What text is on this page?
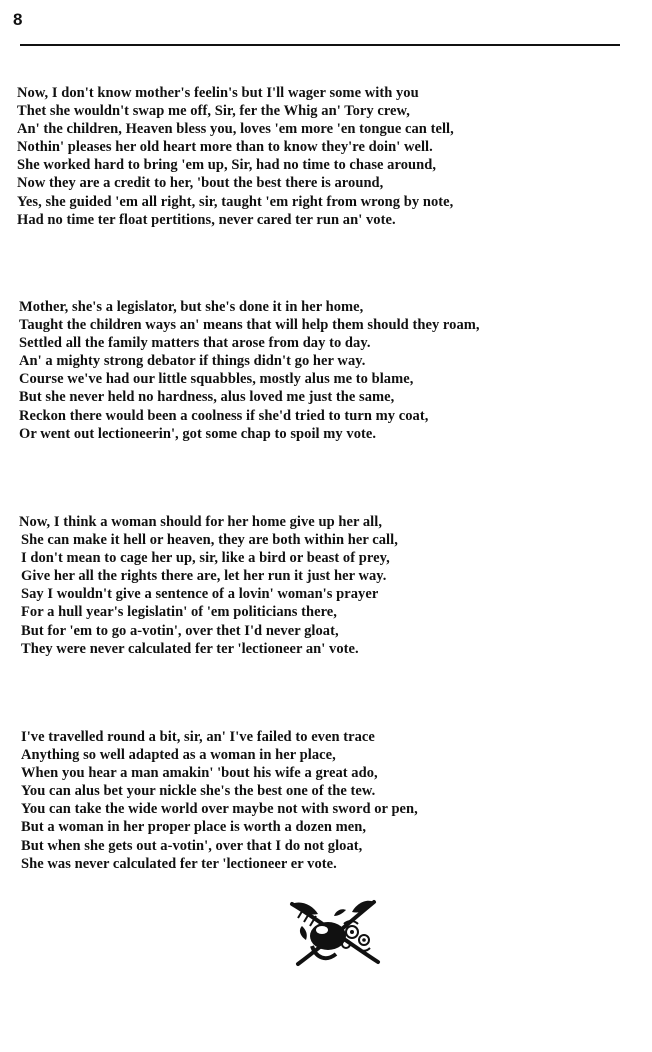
8
Now, I don't know mother's feelin's but I'll wager some with you
Thet she wouldn't swap me off, Sir, fer the Whig an' Tory crew,
An' the children, Heaven bless you, loves 'em more 'en tongue can tell,
Nothin' pleases her old heart more than to know they're doin' well.
She worked hard to bring 'em up, Sir, had no time to chase around,
Now they are a credit to her, 'bout the best there is around,
Yes, she guided 'em all right, sir, taught 'em right from wrong by note,
Had no time ter float pertitions, never cared ter run an' vote.
Mother, she's a legislator, but she's done it in her home,
Taught the children ways an' means that will help them should they roam,
Settled all the family matters that arose from day to day.
An' a mighty strong debator if things didn't go her way.
Course we've had our little squabbles, mostly alus me to blame,
But she never held no hardness, alus loved me just the same,
Reckon there would been a coolness if she'd tried to turn my coat,
Or went out lectioneerin', got some chap to spoil my vote.
Now, I think a woman should for her home give up her all,
She can make it hell or heaven, they are both within her call,
I don't mean to cage her up, sir, like a bird or beast of prey,
Give her all the rights there are, let her run it just her way.
Say I wouldn't give a sentence of a lovin' woman's prayer
For a hull year's legislatin' of 'em politicians there,
But for 'em to go a-votin', over thet I'd never gloat,
They were never calculated fer ter 'lectioneer an' vote.
I've travelled round a bit, sir, an' I've failed to even trace
Anything so well adapted as a woman in her place,
When you hear a man amakin' 'bout his wife a great ado,
You can alus bet your nickle she's the best one of the tew.
You can take the wide world over maybe not with sword or pen,
But a woman in her proper place is worth a dozen men,
But when she gets out a-votin', over that I do not gloat,
She was never calculated fer ter 'lectioneer er vote.
